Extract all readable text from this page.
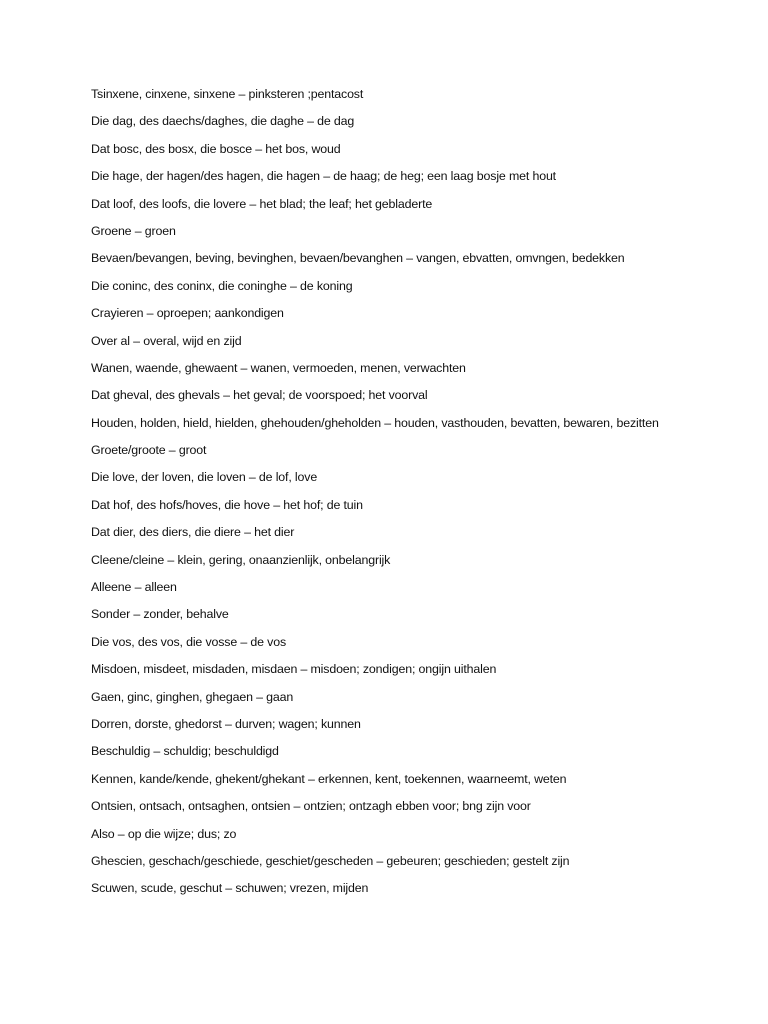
Tsinxene, cinxene, sinxene – pinksteren ;pentacost
Die dag, des daechs/daghes, die daghe – de dag
Dat bosc, des bosx, die bosce – het bos, woud
Die hage, der hagen/des hagen, die hagen – de haag; de heg; een laag bosje met hout
Dat loof, des loofs, die lovere – het blad; the leaf; het gebladerte
Groene – groen
Bevaen/bevangen, beving, bevinghen, bevaen/bevanghen – vangen, ebvatten, omvngen, bedekken
Die coninc, des coninx, die coninghe – de koning
Crayieren – oproepen; aankondigen
Over al – overal, wijd en zijd
Wanen, waende, ghewaent – wanen, vermoeden, menen, verwachten
Dat gheval, des ghevals – het geval; de voorspoed; het voorval
Houden, holden, hield, hielden, ghehouden/gheholden – houden, vasthouden, bevatten, bewaren, bezitten
Groete/groote – groot
Die love, der loven, die loven – de lof, love
Dat hof, des hofs/hoves, die hove – het hof; de tuin
Dat dier, des diers, die diere – het dier
Cleene/cleine – klein, gering, onaanzienlijk, onbelangrijk
Alleene – alleen
Sonder – zonder, behalve
Die vos, des vos, die vosse – de vos
Misdoen, misdeet, misdaden, misdaen – misdoen; zondigen; ongijn uithalen
Gaen, ginc, ginghen, ghegaen – gaan
Dorren, dorste, ghedorst – durven; wagen; kunnen
Beschuldig – schuldig; beschuldigd
Kennen, kande/kende, ghekent/ghekant – erkennen, kent, toekennen, waarneemt, weten
Ontsien, ontsach, ontsaghen, ontsien – ontzien; ontzagh ebben voor; bng zijn voor
Also – op die wijze; dus; zo
Ghescien, geschach/geschiede, geschiet/gescheden – gebeuren; geschieden; gestelt zijn
Scuwen, scude, geschut – schuwen; vrezen, mijden
